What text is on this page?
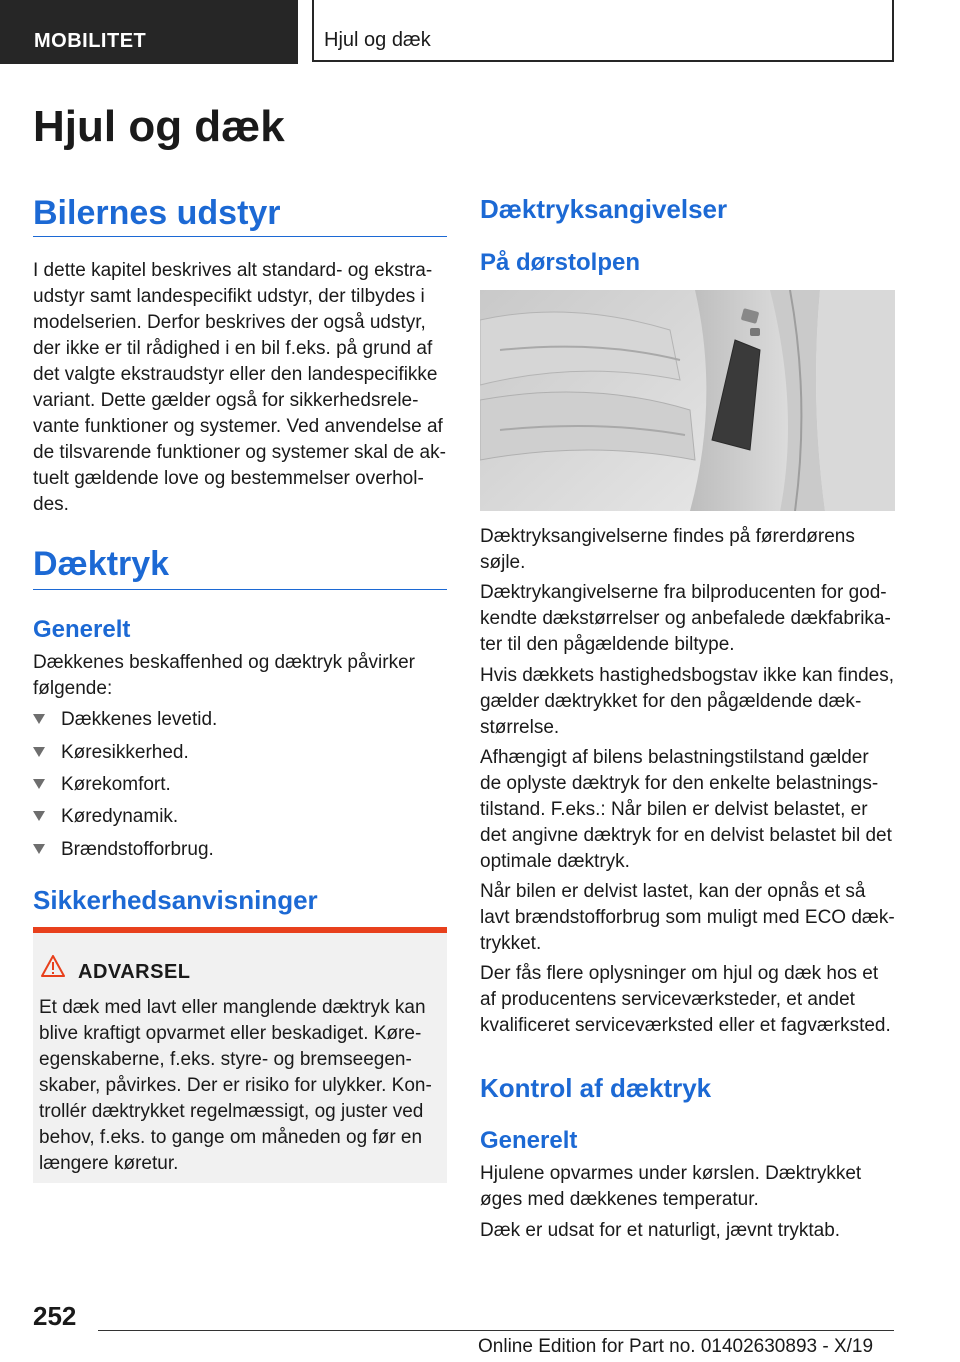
MOBILITET	Hjul og dæk
Hjul og dæk
Bilernes udstyr

I dette kapitel beskrives alt standard- og ekstraudstyr samt landespecifikt udstyr, der tilbydes i modelserien. Derfor beskrives der også udstyr, der ikke er til rådighed i en bil f.eks. på grund af det valgte ekstraudstyr eller den landespecifikke variant. Dette gælder også for sikkerhedsrelevante funktioner og systemer. Ved anvendelse af de tilsvarende funktioner og systemer skal de aktuelt gældende love og bestemmelser overholdes.

Dæktryk
Generelt

Dækkenes beskaffenhed og dæktryk påvirker følgende:

Dækkenes levetid.
Køresikkerhed.
Kørekomfort.
Køredynamik.
Brændstofforbrug.
Sikkerhedsanvisninger
ADVARSEL

Et dæk med lavt eller manglende dæktryk kan blive kraftigt opvarmet eller beskadiget. Køreegenskaberne, f.eks. styre- og bremseegenskaber, påvirkes. Der er risiko for ulykker. Kontrollér dæktrykket regelmæssigt, og juster ved behov, f.eks. to gange om måneden og før en længere køretur.

Dæktryksangivelser
På dørstolpen

Dæktryksangivelserne findes på førerdørens søjle.

Dæktrykangivelserne fra bilproducenten for godkendte dækstørrelser og anbefalede dækfabrikater til den pågældende biltype.

Hvis dækkets hastighedsbogstav ikke kan findes, gælder dæktrykket for den pågældende dækstørrelse.

Afhængigt af bilens belastningstilstand gælder de oplyste dæktryk for den enkelte belastningstilstand. F.eks.: Når bilen er delvist belastet, er det angivne dæktryk for en delvist belastet bil det optimale dæktryk.

Når bilen er delvist lastet, kan der opnås et så lavt brændstofforbrug som muligt med ECO dæktrykket.

Der fås flere oplysninger om hjul og dæk hos et af producentens serviceværksteder, et andet kvalificeret serviceværksted eller et fagværksted.

Kontrol af dæktryk
Generelt

Hjulene opvarmes under kørslen. Dæktrykket øges med dækkenes temperatur.

Dæk er udsat for et naturligt, jævnt tryktab.

252
Online Edition for Part no. 01402630893 - X/19
